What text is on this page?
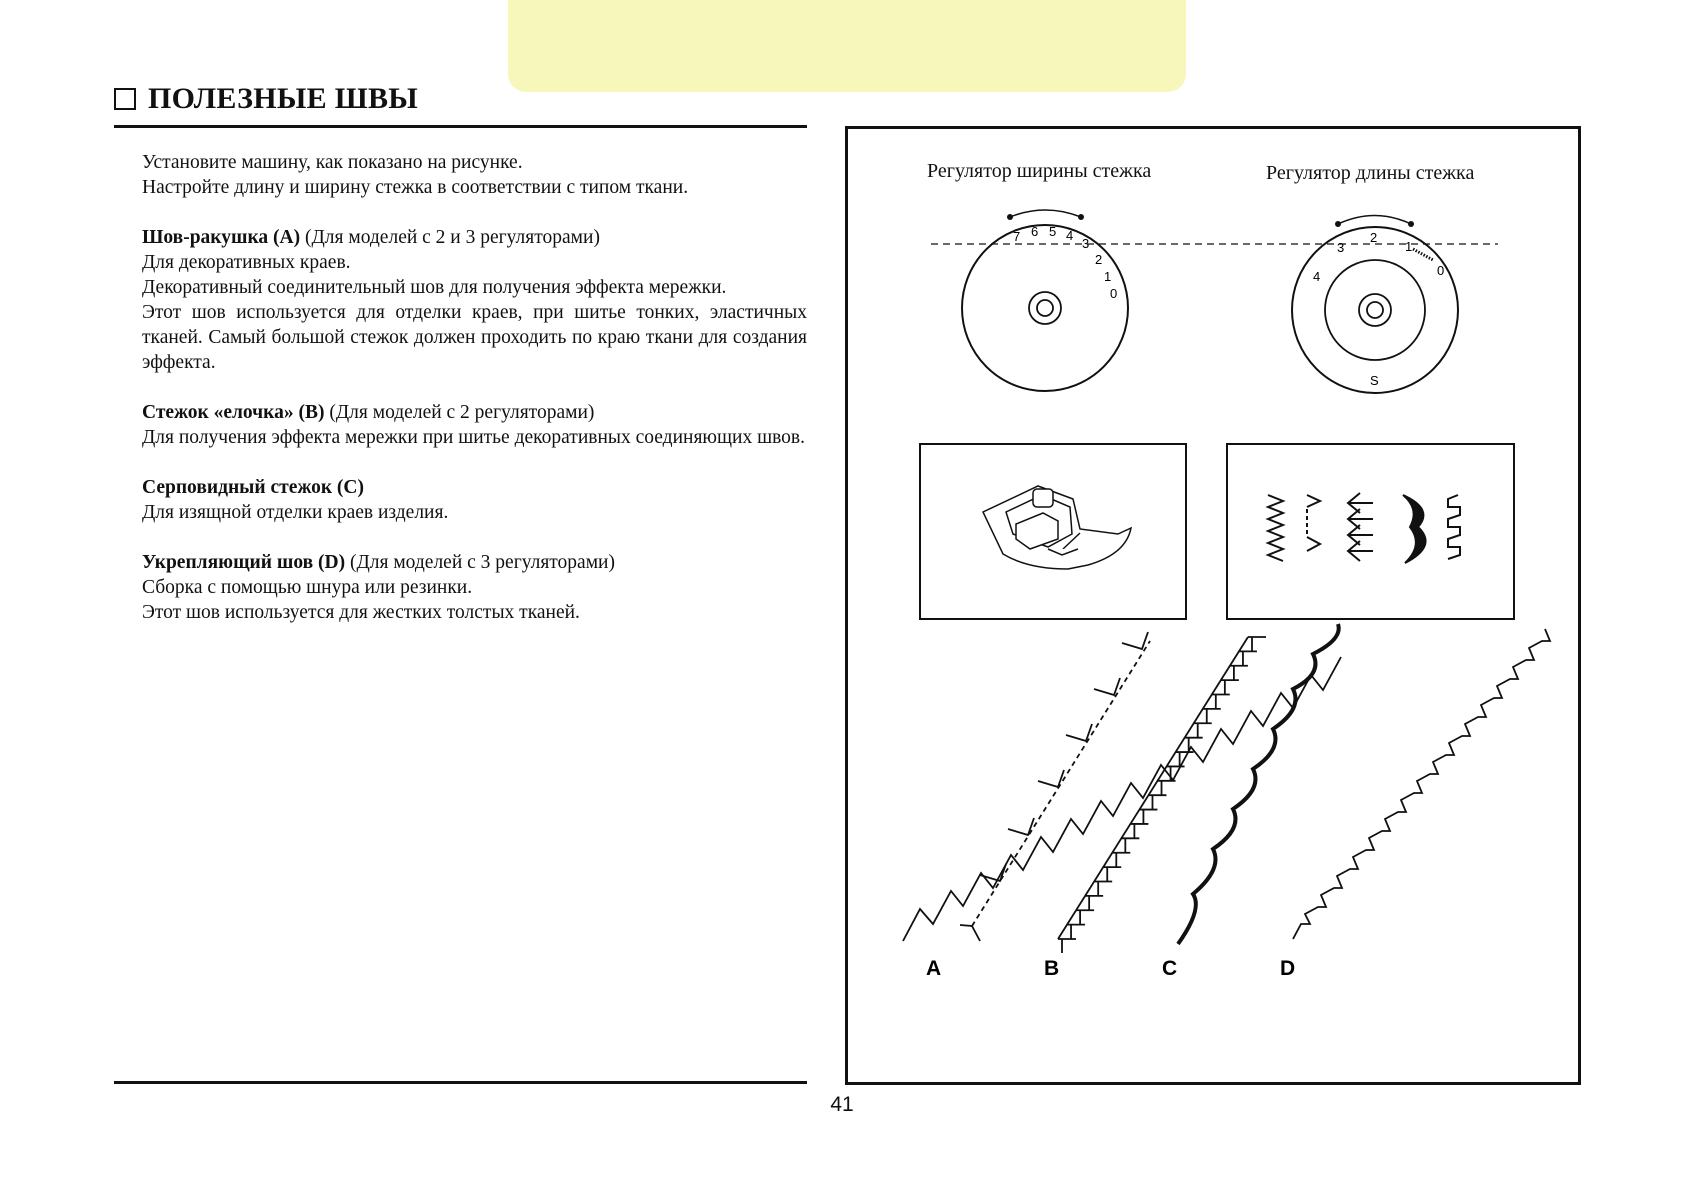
ПОЛЕЗНЫЕ ШВЫ

Установите машину, как показано на рисунке.
Настройте длину и ширину стежка в соответствии с типом ткани.

Шов-ракушка (А) (Для моделей с 2 и 3 регуляторами)
Для декоративных краев.
Декоративный соединительный шов для получения эффекта мережки.
Этот шов используется для отделки краев, при шитье тонких, эластичных тканей. Самый большой стежок должен проходить по краю ткани для создания эффекта.

Стежок «елочка» (В) (Для моделей с 2 регуляторами)
Для получения эффекта мережки при шитье декоративных соединяющих швов.

Серповидный стежок (С)
Для изящной отделки краев изделия.

Укрепляющий шов (D) (Для моделей с 3 регуляторами)
Сборка с помощью шнура или резинки.
Этот шов используется для жестких толстых тканей.

Регулятор ширины стежка	Регулятор длины стежка
7 6 5 4
3
2
1
0
4
3
2
1
0
S
A	B	C	D
41
